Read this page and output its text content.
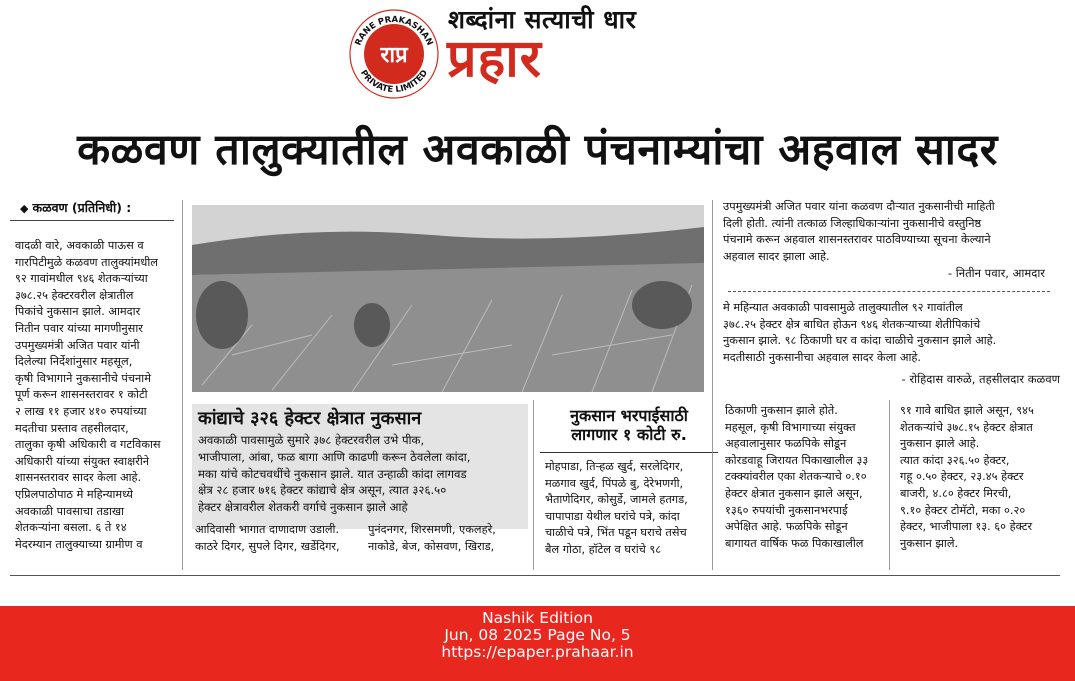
RANE PRAKASHAN
PRIVATE LIMITED
राप्र
शब्दांना सत्याची धार
प्रहार
कळवण तालुक्यातील अवकाळी पंचनाम्यांचा अहवाल सादर
◆ कळवण (प्रतिनिधी) :
वादळी वारे, अवकाळी पाऊस व
गारपिटीमुळे कळवण तालुक्यांमधील
९२ गावांमधील ९४६ शेतकऱ्यांच्या
३७८.२५ हेक्टरवरील क्षेत्रातील
पिकांचे नुकसान झाले. आमदार
नितीन पवार यांच्या मागणीनुसार
उपमुख्यमंत्री अजित पवार यांनी
दिलेल्या निर्देशांनुसार महसूल,
कृषी विभागाने नुकसानीचे पंचनामे
पूर्ण करून शासनस्तरावर १ कोटी
२ लाख ११ हजार ४१० रुपयांच्या
मदतीचा प्रस्ताव तहसीलदार,
तालुका कृषी अधिकारी व गटविकास
अधिकारी यांच्या संयुक्त स्वाक्षरीने
शासनस्तरावर सादर केला आहे.
एप्रिलपाठोपाठ मे महिन्यामध्ये
अवकाळी पावसाचा तडाखा
शेतकऱ्यांना बसला. ६ ते १४
मेदरम्यान तालुक्याच्या ग्रामीण व
कांद्याचे ३२६ हेक्टर क्षेत्रात नुकसान

अवकाळी पावसामुळे सुमारे ३७८ हेक्टरवरील उभे पीक,
भाजीपाला, आंबा, फळ बागा आणि काढणी करून ठेवलेला कांदा,
मका यांचे कोटचवधींचे नुकसान झाले. यात उन्हाळी कांदा लागवड
क्षेत्र २८ हजार ७१६ हेक्टर कांद्याचे क्षेत्र असून, त्यात ३२६.५०
हेक्टर क्षेत्रावरील शेतकरी वर्गाचे नुकसान झाले आहे

आदिवासी भागात दाणादाण उडाली.
काठरे दिगर, सुपले दिगर, खर्डेदिगर,
पुनंदनगर, शिरसमणी, एकलहरे,
नाकोडे, बेज, कोसवण, खिराड,
नुकसान भरपाईसाठी
लागणार १ कोटी रु.
मोहपाडा, तिऱ्हळ खुर्द, सरलेदिगर,
मळगाव खुर्द, पिंपळे बु, देरेभणगी,
भैताणेदिगर, कोसुर्डे, जामले हतगड,
चापापाडा येथील घरांचे पत्रे, कांदा
चाळीचे पत्रे, भिंत पडून घराचे तसेच
बैल गोठा, हॉटेल व घरांचे ९८
ठिकाणी नुकसान झाले होते.
महसूल, कृषी विभागाच्या संयुक्त
अहवालानुसार फळपिके सोडून
कोरडवाहू जिरायत पिकाखालील ३३
टक्क्यांवरील एका शेतकऱ्याचे ०.१०
हेक्टर क्षेत्रात नुकसान झाले असून,
१३६० रुपयांची नुकसानभरपाई
अपेक्षित आहे. फळपिके सोडून
बागायत वार्षिक फळ पिकाखालील
९१ गावे बाधित झाले असून, ९४५
शेतकऱ्यांचे ३७८.१५ हेक्टर क्षेत्रात
नुकसान झाले आहे.
त्यात कांदा ३२६.५० हेक्टर,
गहू ०.५० हेक्टर, २३.४५ हेक्टर
बाजरी, ४.८० हेक्टर मिरची,
९.१० हेक्टर टोमॅटो, मका ०.२०
हेक्टर, भाजीपाला १३. ६० हेक्टर
नुकसान झाले.
उपमुख्यमंत्री अजित पवार यांना कळवण दौऱ्यात नुकसानीची माहिती
दिली होती. त्यांनी तत्काळ जिल्हाधिकाऱ्यांना नुकसानीचे वस्तुनिष्ठ
पंचनामे करून अहवाल शासनस्तरावर पाठविण्याच्या सूचना केल्याने
अहवाल सादर झाला आहे.
- नितीन पवार, आमदार
मे महिन्यात अवकाळी पावसामुळे तालुक्यातील ९२ गावांतील
३७८.२५ हेक्टर क्षेत्र बाधित होऊन ९४६ शेतकऱ्याच्या शेतीपिकांचे
नुकसान झाले. ९८ ठिकाणी घर व कांदा चाळीचे नुकसान झाले आहे.
मदतीसाठी नुकसानीचा अहवाल सादर केला आहे.
- रोहिदास वारुळे, तहसीलदार कळवण
Nashik Edition
Jun, 08 2025 Page No, 5
https://epaper.prahaar.in
